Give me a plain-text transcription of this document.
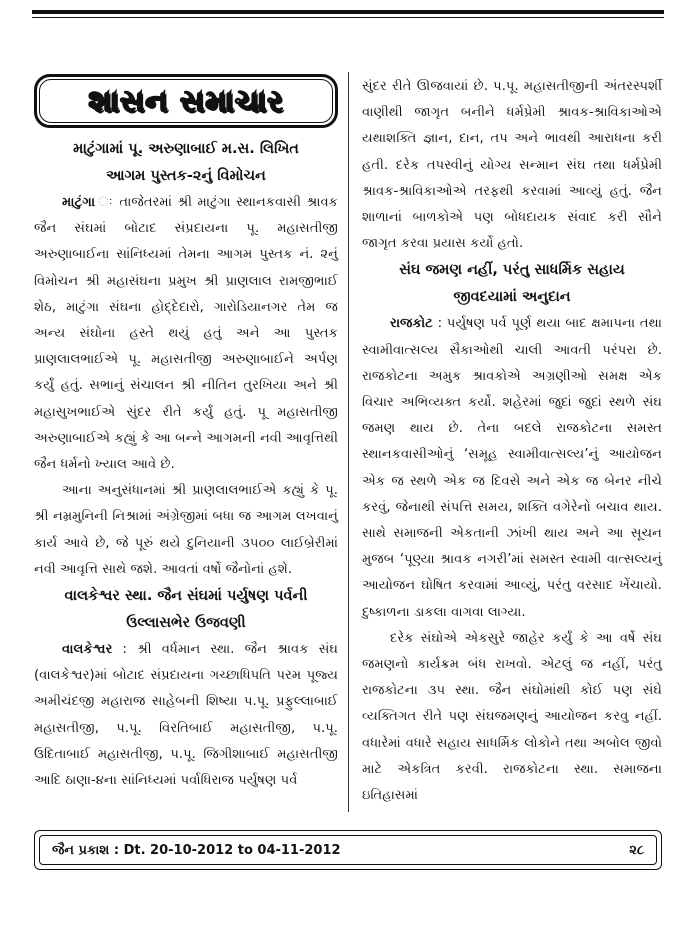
શાસન સમાચાર
માટુંગામાં પૂ. અરુણાબાઈ મ.સ. લિખિત
આગમ પુસ્તક-૨નું વિમોચન

માટુંગા ઃ તાજેતરમાં શ્રી માટુંગા સ્થાનકવાસી શ્રાવક જૈન સંઘમાં બોટાદ સંપ્રદાયના પૂ. મહાસતીજી અરુણાબાઈના સાંનિધ્યમાં તેમના આગમ પુસ્તક નં. ૨નું વિમોચન શ્રી મહાસંઘના પ્રમુખ શ્રી પ્રાણલાલ રામજીભાઈ શેઠ, માટુંગા સંઘના હોદ્દેદારો, ગારોડિયાનગર તેમ જ અન્ય સંઘોના હસ્તે થયું હતું અને આ પુસ્તક પ્રાણલાલભાઈએ પૂ. મહાસતીજી અરુણાબાઈને અર્પણ કર્યું હતું. સભાનું સંચાલન શ્રી નીતિન તુરખિયા અને શ્રી મહાસુખભાઈએ સુંદર રીતે કર્યું હતું. પૂ મહાસતીજી અરુણાબાઈએ કહ્યું કે આ બન્ને આગમની નવી આવૃત્તિથી જૈન ધર્મનો ખ્યાલ આવે છે.

આના અનુસંધાનમાં શ્રી પ્રાણલાલભાઈએ કહ્યું કે પૂ. શ્રી નમ્રમુનિની નિશ્રામાં અંગ્રેજીમાં બધા જ આગમ લખવાનું કાર્ય આવે છે, જે પૂરું થયે દુનિયાની ૩૫૦૦ લાઈબ્રેરીમાં નવી આવૃત્તિ સાથે જશે. આવતાં વર્ષો જૈનોનાં હશે.

વાલકેશ્વર સ્થા. જૈન સંઘમાં પર્યુષણ પર્વની
ઉલ્લાસભેર ઉજવણી

વાલકેશ્વર : શ્રી વર્ધમાન સ્થા. જૈન શ્રાવક સંઘ (વાલકેશ્વર)માં બોટાદ સંપ્રદાયના ગચ્છાધિપતિ પરમ પૂજ્ય અમીચંદજી મહારાજ સાહેબની શિષ્યા પ.પૂ. પ્રફુલ્લાબાઈ મહાસતીજી, પ.પૂ. વિરતિબાઈ મહાસતીજી, પ.પૂ. ઉદિતાબાઈ મહાસતીજી, પ.પૂ. જિગીશાબાઈ મહાસતીજી આદિ ઠાણા-૪ના સાંનિધ્યમાં પર્વાધિરાજ પર્યુષણ પર્વ

સુંદર રીતે ઊજવાયાં છે. પ.પૂ. મહાસતીજીની અંતરસ્પર્શી વાણીથી જાગૃત બનીને ધર્મપ્રેમી શ્રાવક-શ્રાવિકાઓએ યથાશક્તિ જ્ઞાન, દાન, તપ અને ભાવથી આરાધના કરી હતી. દરેક તપસ્વીનું યોગ્ય સન્માન સંઘ તથા ધર્મપ્રેમી શ્રાવક-શ્રાવિકાઓએ તરફથી કરવામાં આવ્યું હતું. જૈન શાળાનાં બાળકોએ પણ બોધદાયક સંવાદ કરી સૌને જાગૃત કરવા પ્રયાસ કર્યો હતો.

સંઘ જમણ નહીં, પરંતુ સાધર્મિક સહાય
જીવદયામાં અનુદાન

રાજકોટ : પર્યુષણ પર્વ પૂર્ણ થયા બાદ ક્ષમાપના તથા સ્વામીવાત્સલ્ય સૈકાઓથી ચાલી આવતી પરંપરા છે. રાજકોટના અમુક શ્રાવકોએ અગ્રણીઓ સમક્ષ એક વિચાર અભિવ્યક્ત કર્યો. શહેરમાં જુદાં જુદાં સ્થળે સંઘ જમણ થાય છે. તેના બદલે રાજકોટના સમસ્ત સ્થાનકવાસીઓનું ‘સમૂહ સ્વામીવાત્સલ્ય’નું આયોજન એક જ સ્થળે એક જ દિવસે અને એક જ બેનર નીચે કરવું, જેનાથી સંપત્તિ સમય, શક્તિ વગેરેનો બચાવ થાય. સાથે સમાજની એકતાની ઝાંખી થાય અને આ સૂચન મુજબ ‘પૂણ્યા શ્રાવક નગરી’માં સમસ્ત સ્વામી વાત્સલ્યનું આયોજન ઘોષિત કરવામાં આવ્યું, પરંતુ વરસાદ ખેંચાયો. દુષ્કાળના ડાકલા વાગવા લાગ્યા.

દરેક સંઘોએ એકસુરે જાહેર કર્યું કે આ વર્ષે સંઘ જમણનો કાર્યક્રમ બંધ રાખવો. એટલું જ નહીં, પરંતુ રાજકોટના ૩૫ સ્થા. જૈન સંઘોમાંથી કોઈ પણ સંઘે વ્યક્તિગત રીતે પણ સંઘજમણનું આયોજન કરવુ નહીં. વધારેમાં વધારે સહાય સાધર્મિક લોકોને તથા અબોલ જીવો માટે એકત્રિત કરવી. રાજકોટના સ્થા. સમાજના ઇતિહાસમાં

જૈન પ્રકાશ : Dt. 20-10-2012 to 04-11-2012	૨૮
